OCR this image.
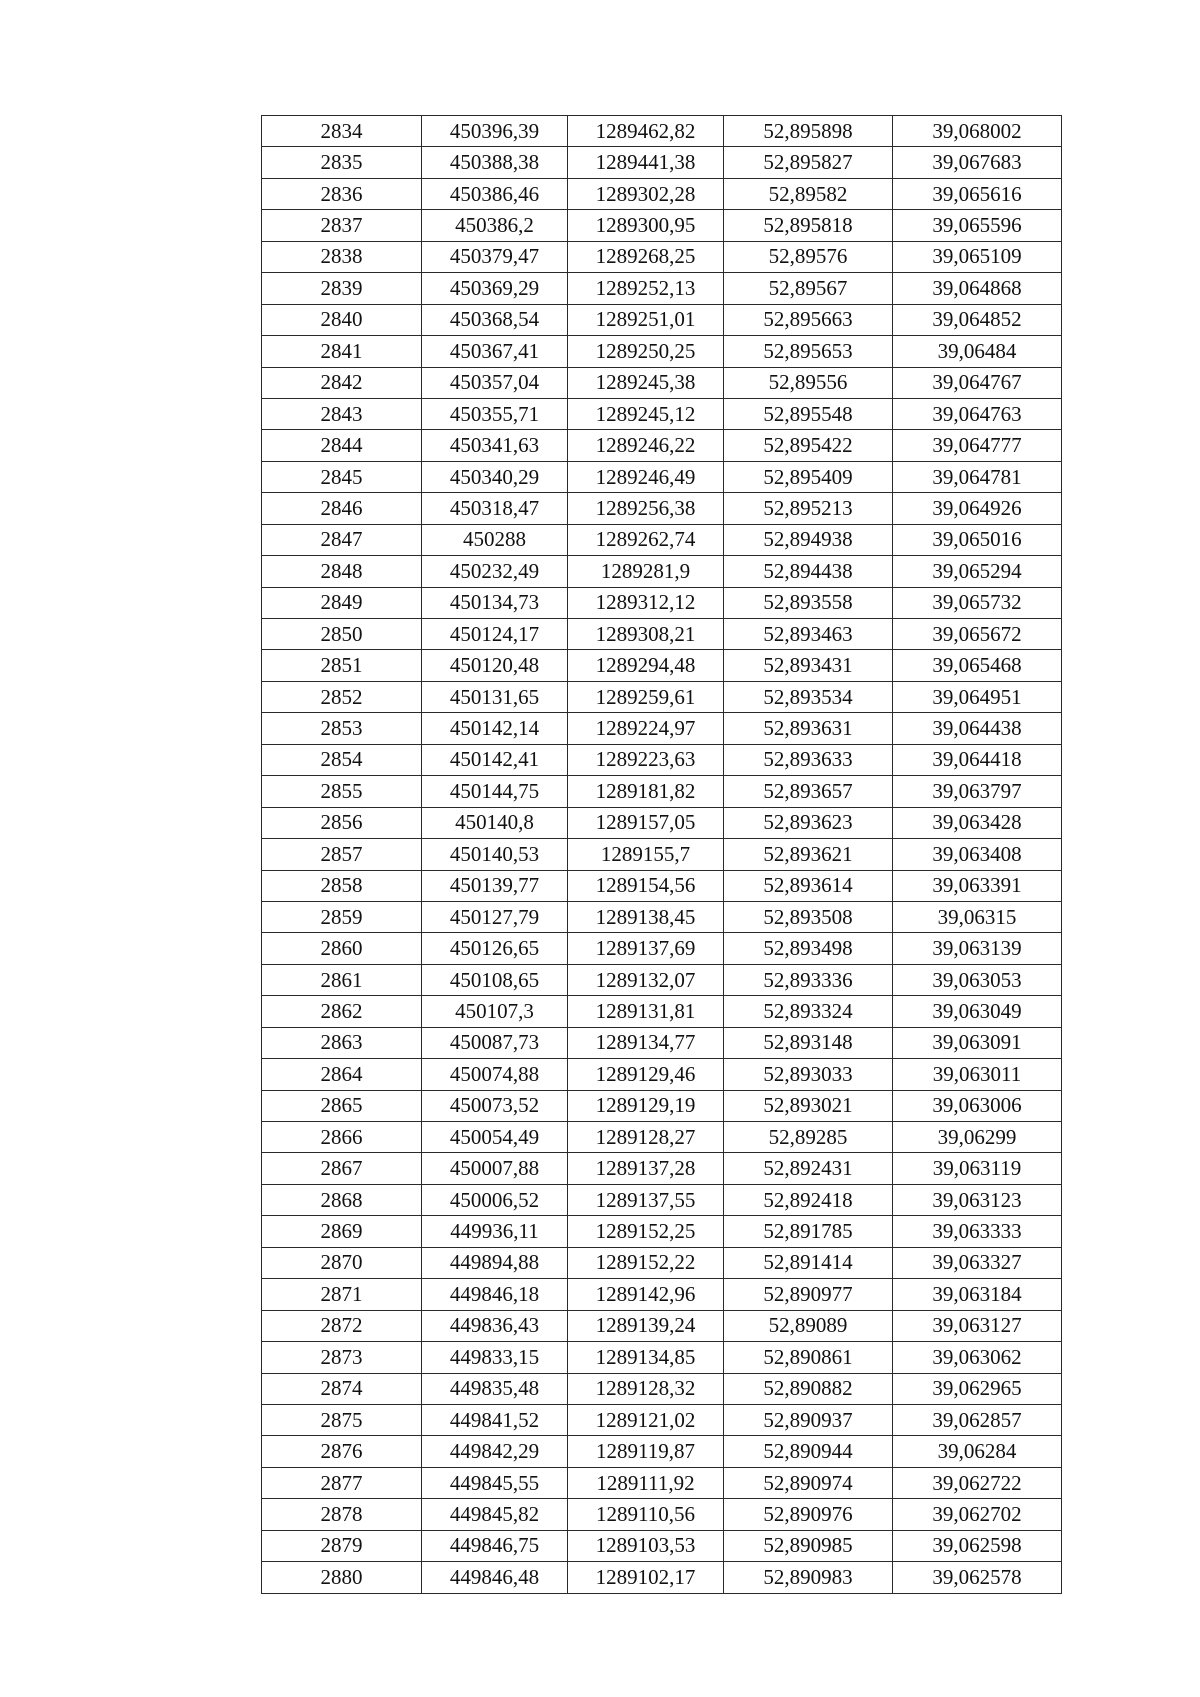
2834	450396,39	1289462,82	52,895898	39,068002
2835	450388,38	1289441,38	52,895827	39,067683
2836	450386,46	1289302,28	52,89582	39,065616
2837	450386,2	1289300,95	52,895818	39,065596
2838	450379,47	1289268,25	52,89576	39,065109
2839	450369,29	1289252,13	52,89567	39,064868
2840	450368,54	1289251,01	52,895663	39,064852
2841	450367,41	1289250,25	52,895653	39,06484
2842	450357,04	1289245,38	52,89556	39,064767
2843	450355,71	1289245,12	52,895548	39,064763
2844	450341,63	1289246,22	52,895422	39,064777
2845	450340,29	1289246,49	52,895409	39,064781
2846	450318,47	1289256,38	52,895213	39,064926
2847	450288	1289262,74	52,894938	39,065016
2848	450232,49	1289281,9	52,894438	39,065294
2849	450134,73	1289312,12	52,893558	39,065732
2850	450124,17	1289308,21	52,893463	39,065672
2851	450120,48	1289294,48	52,893431	39,065468
2852	450131,65	1289259,61	52,893534	39,064951
2853	450142,14	1289224,97	52,893631	39,064438
2854	450142,41	1289223,63	52,893633	39,064418
2855	450144,75	1289181,82	52,893657	39,063797
2856	450140,8	1289157,05	52,893623	39,063428
2857	450140,53	1289155,7	52,893621	39,063408
2858	450139,77	1289154,56	52,893614	39,063391
2859	450127,79	1289138,45	52,893508	39,06315
2860	450126,65	1289137,69	52,893498	39,063139
2861	450108,65	1289132,07	52,893336	39,063053
2862	450107,3	1289131,81	52,893324	39,063049
2863	450087,73	1289134,77	52,893148	39,063091
2864	450074,88	1289129,46	52,893033	39,063011
2865	450073,52	1289129,19	52,893021	39,063006
2866	450054,49	1289128,27	52,89285	39,06299
2867	450007,88	1289137,28	52,892431	39,063119
2868	450006,52	1289137,55	52,892418	39,063123
2869	449936,11	1289152,25	52,891785	39,063333
2870	449894,88	1289152,22	52,891414	39,063327
2871	449846,18	1289142,96	52,890977	39,063184
2872	449836,43	1289139,24	52,89089	39,063127
2873	449833,15	1289134,85	52,890861	39,063062
2874	449835,48	1289128,32	52,890882	39,062965
2875	449841,52	1289121,02	52,890937	39,062857
2876	449842,29	1289119,87	52,890944	39,06284
2877	449845,55	1289111,92	52,890974	39,062722
2878	449845,82	1289110,56	52,890976	39,062702
2879	449846,75	1289103,53	52,890985	39,062598
2880	449846,48	1289102,17	52,890983	39,062578
